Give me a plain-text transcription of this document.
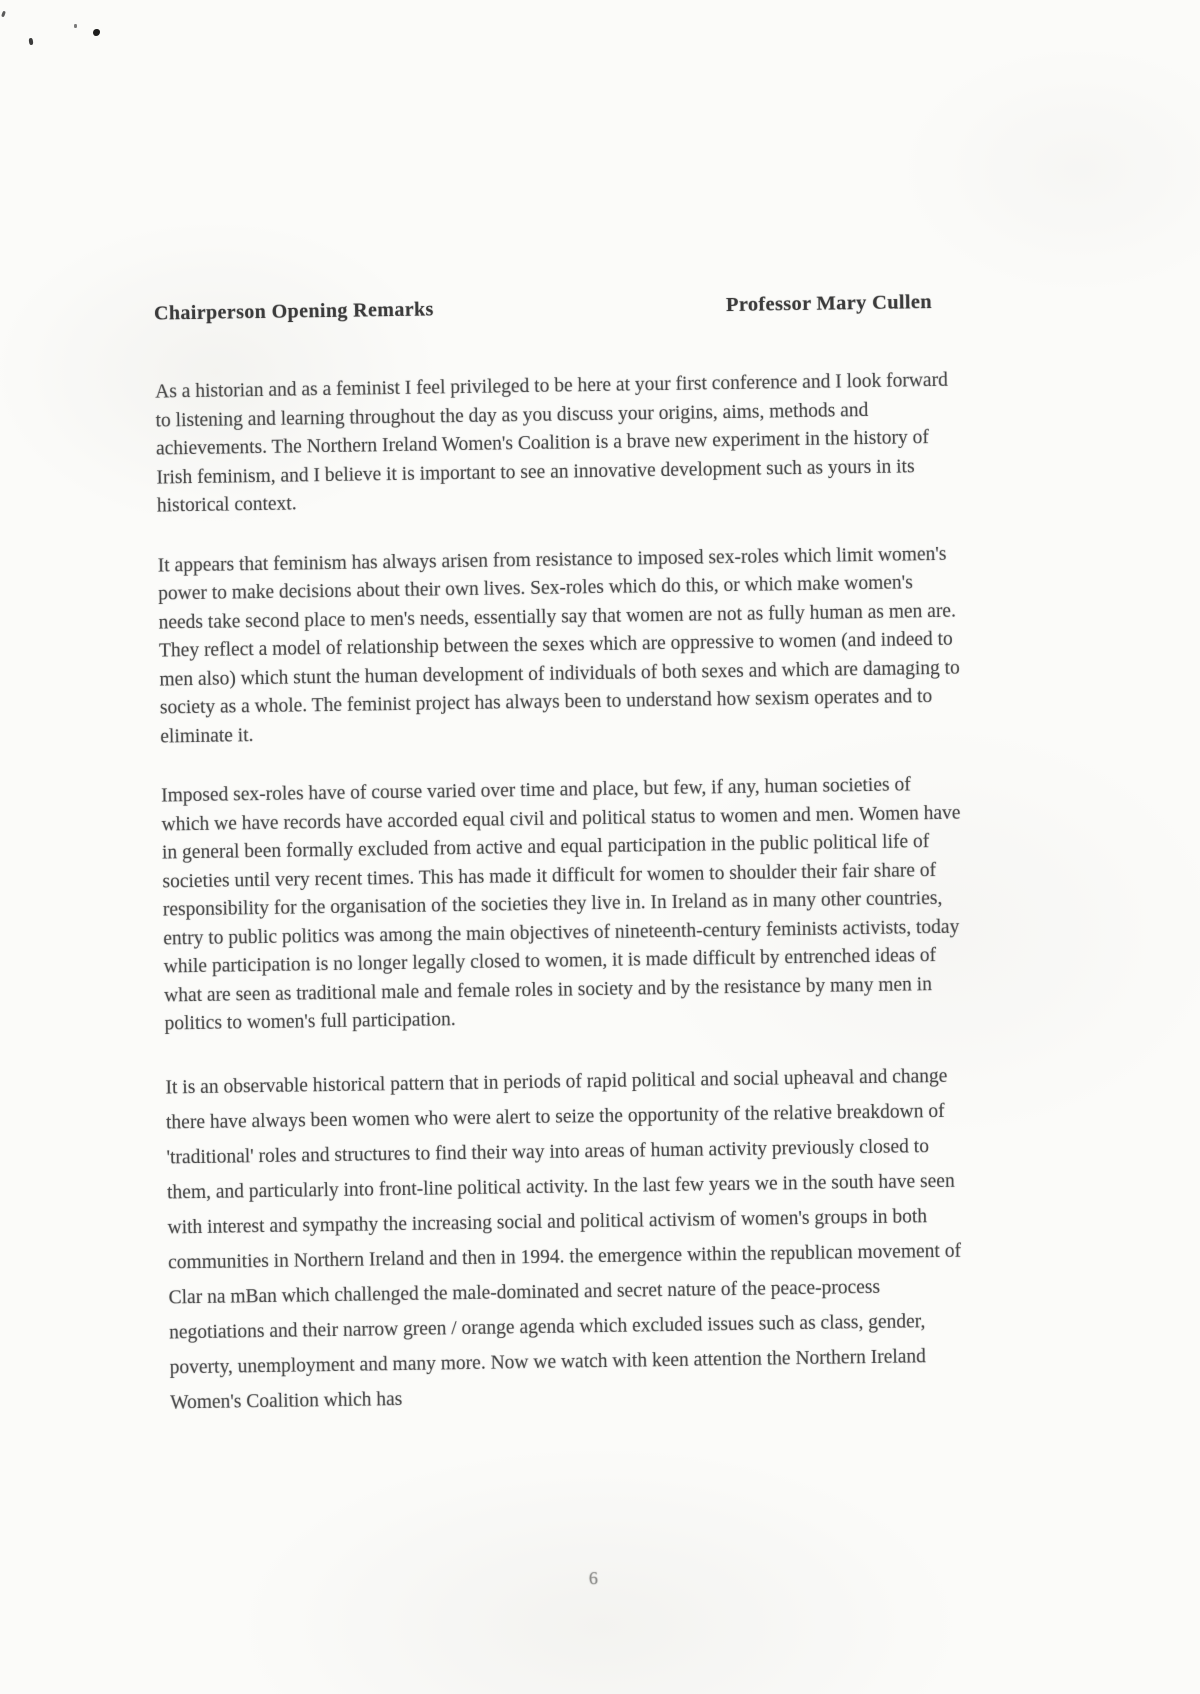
Chairperson Opening Remarks	Professor Mary Cullen

As a historian and as a feminist I feel privileged to be here at your first conference and I look forward to listening and learning throughout the day as you discuss your origins, aims, methods and achievements. The Northern Ireland Women's Coalition is a brave new experiment in the history of Irish feminism, and I believe it is important to see an innovative development such as yours in its historical context.

It appears that feminism has always arisen from resistance to imposed sex-roles which limit women's power to make decisions about their own lives. Sex-roles which do this, or which make women's needs take second place to men's needs, essentially say that women are not as fully human as men are. They reflect a model of relationship between the sexes which are oppressive to women (and indeed to men also) which stunt the human development of individuals of both sexes and which are damaging to society as a whole. The feminist project has always been to understand how sexism operates and to eliminate it.

Imposed sex-roles have of course varied over time and place, but few, if any, human societies of which we have records have accorded equal civil and political status to women and men. Women have in general been formally excluded from active and equal participation in the public political life of societies until very recent times. This has made it difficult for women to shoulder their fair share of responsibility for the organisation of the societies they live in. In Ireland as in many other countries, entry to public politics was among the main objectives of nineteenth-century feminists activists, today while participation is no longer legally closed to women, it is made difficult by entrenched ideas of what are seen as traditional male and female roles in society and by the resistance by many men in politics to women's full participation.

It is an observable historical pattern that in periods of rapid political and social upheaval and change there have always been women who were alert to seize the opportunity of the relative breakdown of 'traditional' roles and structures to find their way into areas of human activity previously closed to them, and particularly into front-line political activity. In the last few years we in the south have seen with interest and sympathy the increasing social and political activism of women's groups in both communities in Northern Ireland and then in 1994. the emergence within the republican movement of Clar na mBan which challenged the male-dominated and secret nature of the peace-process negotiations and their narrow green / orange agenda which excluded issues such as class, gender, poverty, unemployment and many more. Now we watch with keen attention the Northern Ireland Women's Coalition which has

6
